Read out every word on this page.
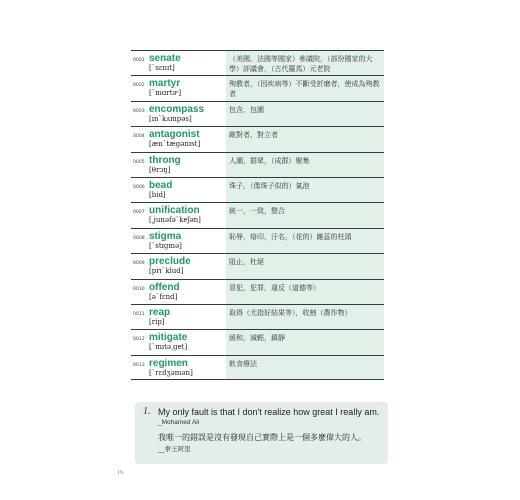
0001 senate
[ˋsɛnɪt]
（美國、法國等國家）參議院，（部份國家的大學）評議會，（古代羅馬）元老院
0002 martyr
[ˋmɑrtɚ]
殉教者，（因疾病等）不斷受折磨者，使成為殉教者
0003 encompass
[ɪnˋkʌmpəs]
包含，包圍
0004 antagonist
[ænˋtægənɪst]
敵對者，對立者
0005 throng
[θrɔŋ]
人潮，群眾，（成群）聚集
0006 bead
[bid]
珠子，（像珠子似的）氣泡
0007 unification
[͵junəfəˋkeʃən]
統一，一致，整合
0008 stigma
[ˋstɪgmə]
恥辱，烙印，汙名，（花的）雌蕊的柱頭
0009 preclude
[prɪˋklud]
阻止，杜絕
0010 offend
[əˋfɛnd]
冒犯，犯罪，違反（道德等）
0011 reap
[rip]
取得（尤指好結果等），收割（農作物）
0012 mitigate
[ˋmɪtə͵get]
緩和，減輕，鎮靜
0013 regimen
[ˋrɛdʒəmən]
飲食療法
1. My only fault is that I don't realize how great I really am.
_Mohamed Ali
我唯一的錯誤是沒有發現自己實際上是一個多麼偉大的人。
__拳王阿里
16
